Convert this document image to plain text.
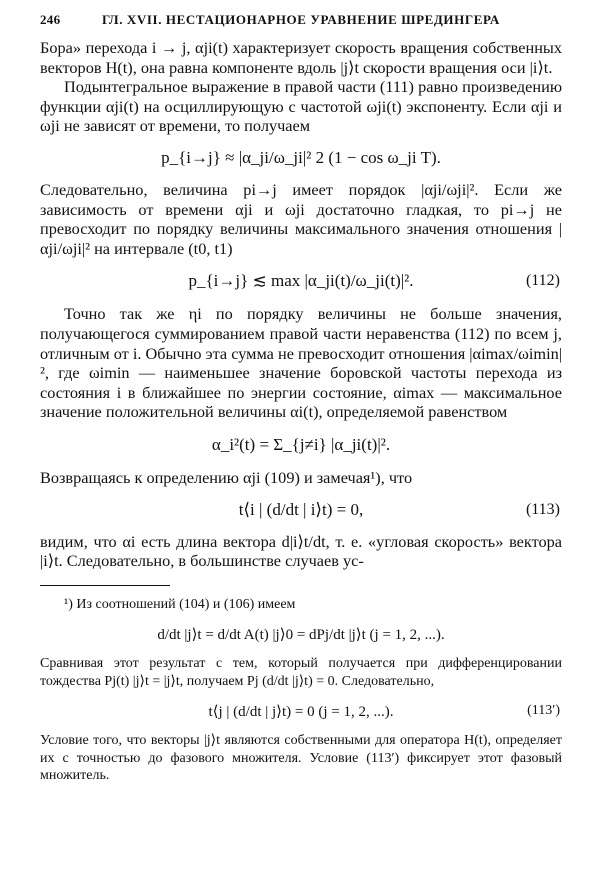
246	ГЛ. XVII. НЕСТАЦИОНАРНОЕ УРАВНЕНИЕ ШРЕДИНГЕРА

Бора» перехода i → j, αji(t) характеризует скорость вращения собственных векторов H(t), она равна компоненте вдоль |j⟩t скорости вращения оси |i⟩t.

Подынтегральное выражение в правой части (111) равно произведению функции αji(t) на осциллирующую с частотой ωji(t) экспоненту. Если αji и ωji не зависят от времени, то получаем

p_{i→j} ≈ |α_ji/ω_ji|² 2 (1 − cos ω_ji T).

Следовательно, величина pi→j имеет порядок |αji/ωji|². Если же зависимость от времени αji и ωji достаточно гладкая, то pi→j не превосходит по порядку величины максимального значения отношения |αji/ωji|² на интервале (t0, t1)

p_{i→j} ≲ max |α_ji(t)/ω_ji(t)|².	(112)

Точно так же ηi по порядку величины не больше значения, получающегося суммированием правой части неравенства (112) по всем j, отличным от i. Обычно эта сумма не превосходит отношения |αimax/ωimin|², где ωimin — наименьшее значение боровской частоты перехода из состояния i в ближайшее по энергии состояние, αimax — максимальное значение положительной величины αi(t), определяемой равенством

α_i²(t) = Σ_{j≠i} |α_ji(t)|².

Возвращаясь к определению αji (109) и замечая¹), что

t⟨i | (d/dt | i⟩t) = 0,	(113)

видим, что αi есть длина вектора d|i⟩t/dt, т. е. «угловая скорость» вектора |i⟩t. Следовательно, в большинстве случаев ус-

¹) Из соотношений (104) и (106) имеем

d/dt |j⟩t = d/dt A(t) |j⟩0 = dPj/dt |j⟩t (j = 1, 2, ...).

Сравнивая этот результат с тем, который получается при дифференцировании тождества Pj(t) |j⟩t = |j⟩t, получаем Pj (d/dt |j⟩t) = 0. Следовательно,

t⟨j | (d/dt | j⟩t) = 0 (j = 1, 2, ...).	(113′)

Условие того, что векторы |j⟩t являются собственными для оператора H(t), определяет их с точностью до фазового множителя. Условие (113′) фиксирует этот фазовый множитель.
